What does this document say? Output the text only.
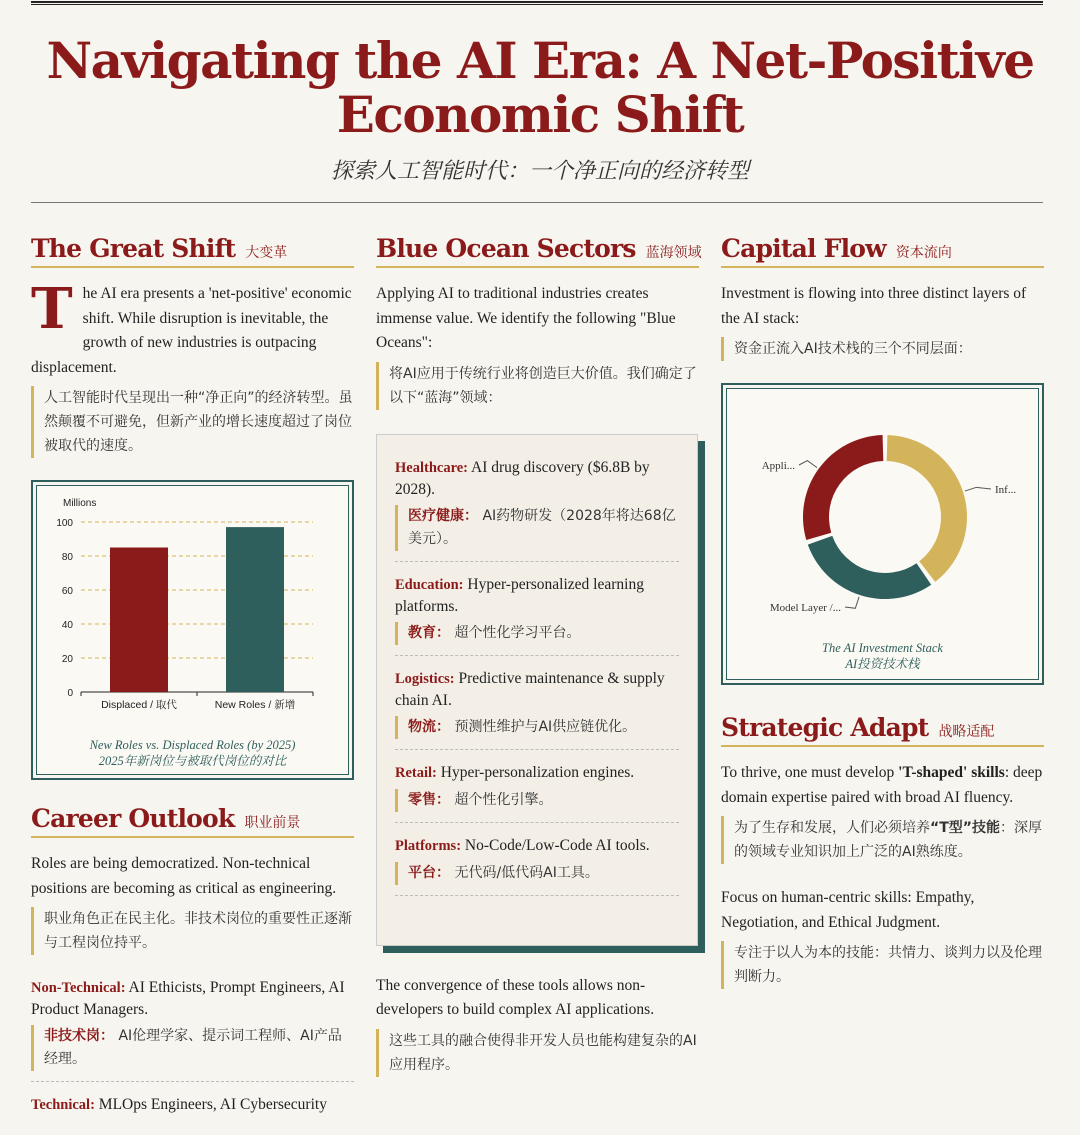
Navigating the AI Era: A Net-Positive
Economic Shift
探索人工智能时代：一个净正向的经济转型
The Great Shift 大变革

The AI era presents a 'net-positive' economic shift. While disruption is inevitable, the growth of new industries is outpacing displacement.

人工智能时代呈现出一种“净正向”的经济转型。虽然颠覆不可避免，但新产业的增长速度超过了岗位被取代的速度。
Millions
0
20
40
60
80
100
Displaced / 取代	New Roles / 新增
New Roles vs. Displaced Roles (by 2025)
2025年新岗位与被取代岗位的对比
Career Outlook 职业前景

Roles are being democratized. Non-technical positions are becoming as critical as engineering.

职业角色正在民主化。非技术岗位的重要性正逐渐与工程岗位持平。
Non-Technical: AI Ethicists, Prompt Engineers, AI Product Managers.
非技术岗： AI伦理学家、提示词工程师、AI产品经理。
Technical: MLOps Engineers, AI Cybersecurity
Blue Ocean Sectors 蓝海领域

Applying AI to traditional industries creates immense value. We identify the following "Blue Oceans":

将AI应用于传统行业将创造巨大价值。我们确定了以下“蓝海”领域：
Healthcare: AI drug discovery ($6.8B by 2028).
医疗健康： AI药物研发（2028年将达68亿美元）。
Education: Hyper-personalized learning platforms.
教育： 超个性化学习平台。
Logistics: Predictive maintenance & supply chain AI.
物流： 预测性维护与AI供应链优化。
Retail: Hyper-personalization engines.
零售： 超个性化引擎。
Platforms: No-Code/Low-Code AI tools.
平台： 无代码/低代码AI工具。

The convergence of these tools allows non-developers to build complex AI applications.

这些工具的融合使得非开发人员也能构建复杂的AI应用程序。
Capital Flow 资本流向

Investment is flowing into three distinct layers of the AI stack:

资金正流入AI技术栈的三个不同层面：
Inf...
Model Layer /...
Appli...
The AI Investment Stack
AI投资技术栈
Strategic Adapt 战略适配

To thrive, one must develop 'T-shaped' skills: deep domain expertise paired with broad AI fluency.

为了生存和发展，人们必须培养“T型”技能：深厚的领域专业知识加上广泛的AI熟练度。

Focus on human-centric skills: Empathy, Negotiation, and Ethical Judgment.

专注于以人为本的技能：共情力、谈判力以及伦理判断力。
